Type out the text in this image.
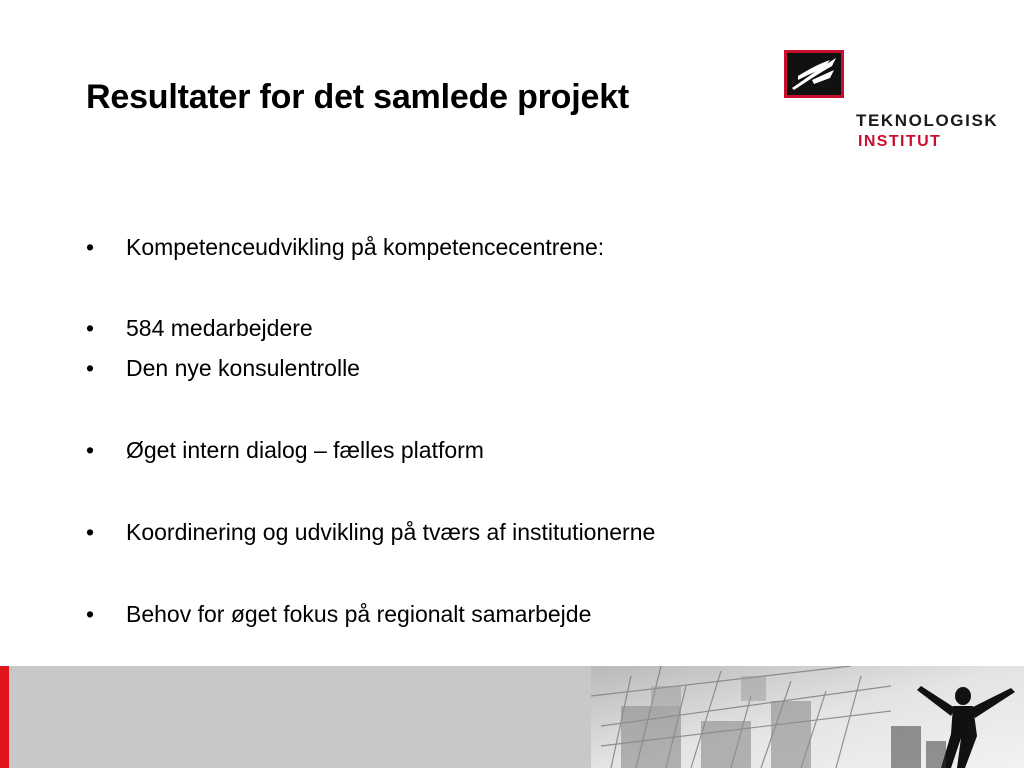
Resultater for det samlede projekt
TEKNOLOGISK
INSTITUT
• Kompetenceudvikling på kompetencecentrene:
• 584 medarbejdere
• Den nye konsulentrolle
• Øget intern dialog – fælles platform
• Koordinering og udvikling på tværs af institutionerne
• Behov for øget fokus på regionalt samarbejde
